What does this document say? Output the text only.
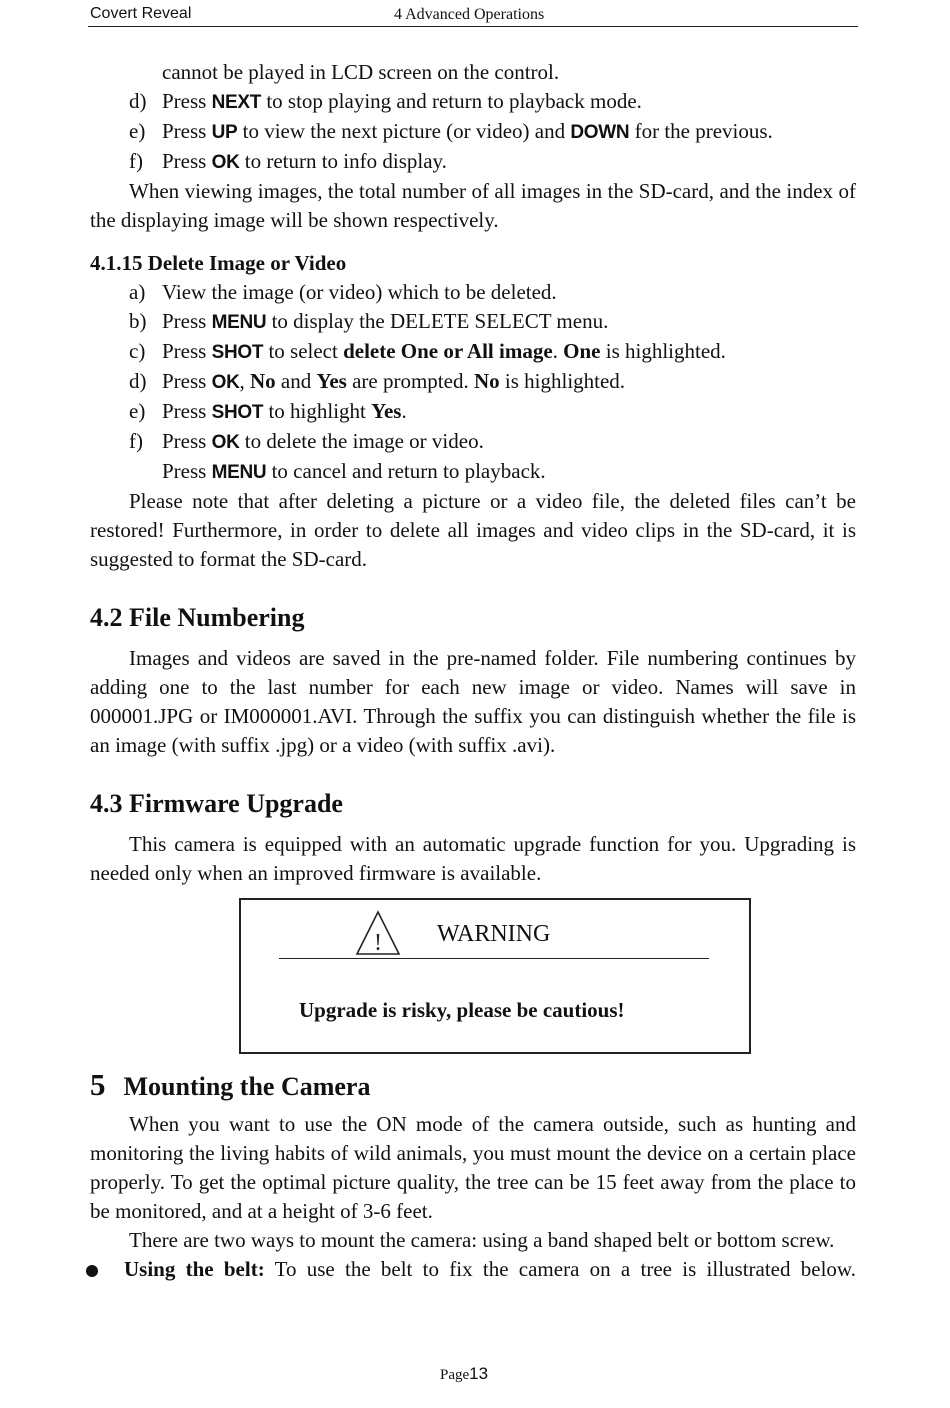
Covert Reveal	4 Advanced Operations
cannot be played in LCD screen on the control.
d) Press NEXT to stop playing and return to playback mode.
e) Press UP to view the next picture (or video) and DOWN for the previous.
f) Press OK to return to info display.
When viewing images, the total number of all images in the SD-card, and the index of the displaying image will be shown respectively.
4.1.15 Delete Image or Video
a) View the image (or video) which to be deleted.
b) Press MENU to display the DELETE SELECT menu.
c) Press SHOT to select delete One or All image. One is highlighted.
d) Press OK, No and Yes are prompted. No is highlighted.
e) Press SHOT to highlight Yes.
f) Press OK to delete the image or video.
Press MENU to cancel and return to playback.
Please note that after deleting a picture or a video file, the deleted files can’t be restored! Furthermore, in order to delete all images and video clips in the SD-card, it is suggested to format the SD-card.
4.2 File Numbering
Images and videos are saved in the pre-named folder. File numbering continues by adding one to the last number for each new image or video. Names will save in 000001.JPG or IM000001.AVI. Through the suffix you can distinguish whether the file is an image (with suffix .jpg) or a video (with suffix .avi).
4.3 Firmware Upgrade
This camera is equipped with an automatic upgrade function for you. Upgrading is needed only when an improved firmware is available.
! WARNING
Upgrade is risky, please be cautious!
5 Mounting the Camera
When you want to use the ON mode of the camera outside, such as hunting and monitoring the living habits of wild animals, you must mount the device on a certain place properly. To get the optimal picture quality, the tree can be 15 feet away from the place to be monitored, and at a height of 3-6 feet.
There are two ways to mount the camera: using a band shaped belt or bottom screw.
Using the belt: To use the belt to fix the camera on a tree is illustrated below.
Page13
